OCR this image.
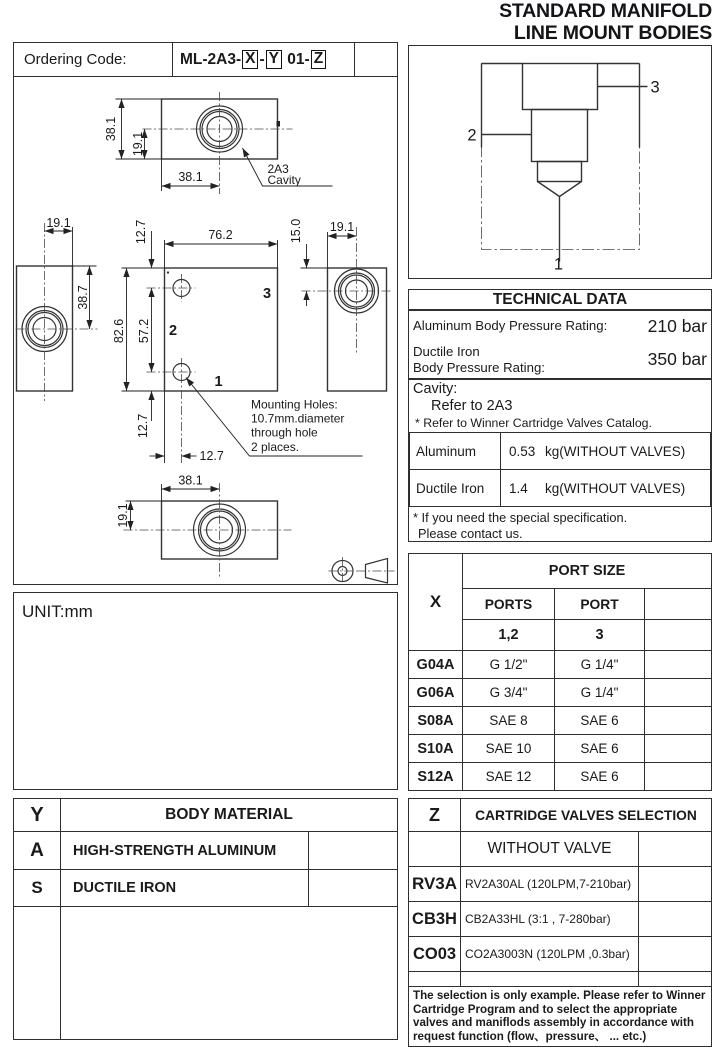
STANDARD MANIFOLD
LINE MOUNT BODIES
Ordering Code:	ML-2A3- X - Y 01- Z
UNIT:mm
38.1
19.1
38.1
2A3
Cavity
19.1
38.7	3
2
1
76.2
12.7
82.6 57.2
12.7
12.7
Mounting Holes:
10.7mm.diameter
through hole
2 places.
19.1
15.0
38.1
19.1
1
2
3
TECHNICAL DATA
Aluminum Body Pressure Rating: 210 bar
Ductile Iron
Body Pressure Rating:	350 bar
Cavity:
Refer to 2A3
* Refer to Winner Cartridge Valves Catalog.
Aluminum	0.53 kg(WITHOUT VALVES)
Ductile Iron	1.4 kg(WITHOUT VALVES)
* If you need the special specification.
Please contact us.
X	PORT SIZE		
	PORTS	PORT	
	1,2	3	
G04A	G 1/2"	G 1/4"	
G06A	G 3/4"	G 1/4"	
S08A	SAE 8	SAE 6	
S10A	SAE 10	SAE 6	
S12A	SAE 12	SAE 6	
Y	BODY MATERIAL	
A	HIGH-STRENGTH ALUMINUM	
S	DUCTILE IRON	

Z	CARTRIDGE VALVES SELECTION	
	WITHOUT VALVE	
RV3A	RV2A30AL (120LPM,7-210bar)	
CB3H	CB2A33HL (3:1 , 7-280bar)	
CO03	CO2A3003N (120LPM ,0.3bar)	

The selection is only example. Please refer to Winner Cartridge Program and to select the appropriate valves and maniflods assembly in accordance with request function (flow、pressure、 ... etc.)		
